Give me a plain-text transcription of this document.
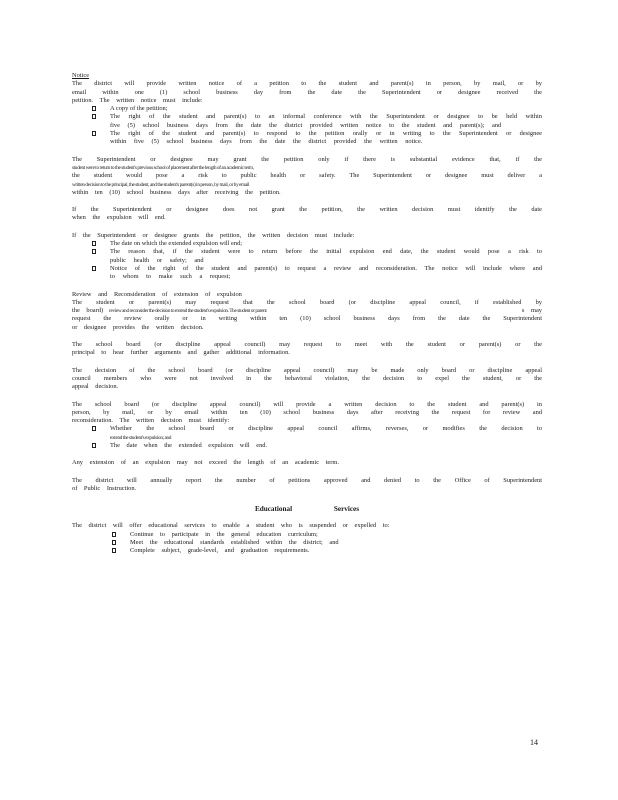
Notice

The district will provide written notice of a petition to the student and parent(s) in person, by mail, or by

email within one (1) school business day from the date the Superintendent or designee received the

petition. The written notice must include:

A copy of the petition;
The right of the student and parent(s) to an informal conference with the Superintendent or designee to be held within five (5) school business days from the date the district provided written notice to the student and parent(s); and
The right of the student and parent(s) to respond to the petition orally or in writing to the Superintendent or designee within five (5) school business days from the date the district provided the written notice.

The Superintendent or designee may grant the petition only if there is substantial evidence that, if the

student were to return to the student's previous school of placement after the length of an academic term,

the student would pose a risk to public health or safety. The Superintendent or designee must deliver a

written decision to the principal, the student, and the student's parent(s) in person, by mail, or by email

within ten (10) school business days after receiving the petition.

If the Superintendent or designee does not grant the petition, the written decision must identify the date

when the expulsion will end.

If the Superintendent or designee grants the petition, the written decision must include:

The date on which the extended expulsion will end;
The reason that, if the student were to return before the initial expulsion end date, the student would pose a risk to public health or safety; and
Notice of the right of the student and parent(s) to request a review and reconsideration. The notice will include where and to whom to make such a request;

Review and Reconsideration of extension of expulsion

The student or parent(s) may request that the school board (or discipline appeal council, if established by

the board) review and reconsider the decision to extend the student's expulsion. The student or parent	s may

request the review orally or in writing within ten (10) school business days from the date the Superintendent

or designee provides the written decision.

The school board (or discipline appeal council) may request to meet with the student or parent(s) or the

principal to hear further arguments and gather additional information.

The decision of the school board (or discipline appeal council) may be made only board or discipline appeal

council members who were not involved in the behavioral violation, the decision to expel the student, or the

appeal decision.

The school board (or discipline appeal council) will provide a written decision to the student and parent(s) in

person, by mail, or by email within ten (10) school business days after receiving the request for review and

reconsideration. The written decision must identify:

Whether the school board or discipline appeal council affirms, reverses, or modifies the decision to
extend the student's expulsion; and
The date when the extended expulsion will end.

Any extension of an expulsion may not exceed the length of an academic term.

The district will annually report the number of petitions approved and denied to the Office of Superintendent

of Public Instruction.

Educational Services

The district will offer educational services to enable a student who is suspended or expelled to:

Continue to participate in the general education curriculum;
Meet the educational standards established within the district; and
Complete subject, grade-level, and graduation requirements.
14
